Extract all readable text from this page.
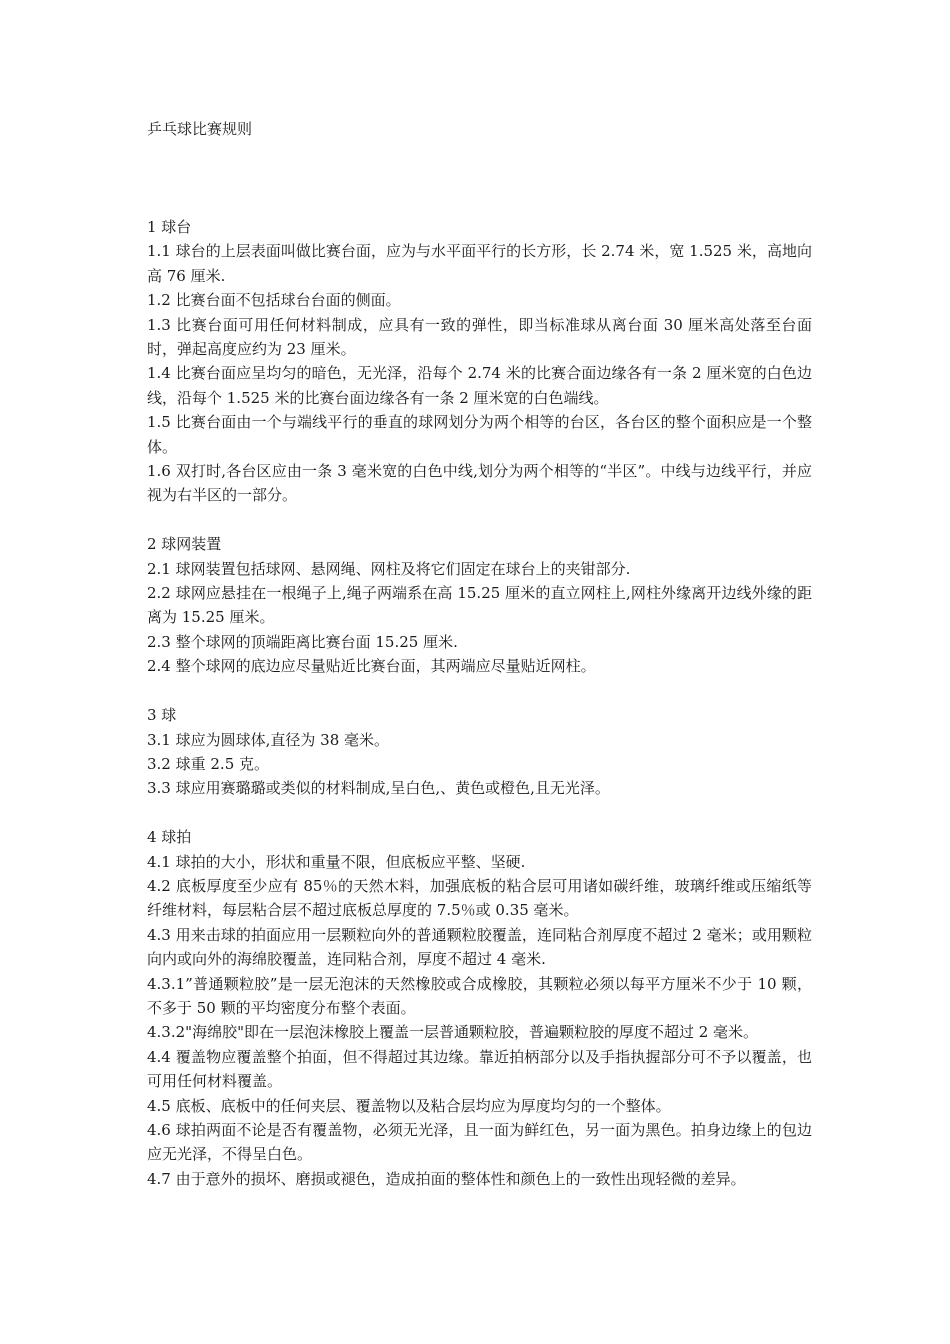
乒乓球比赛规则

1 球台

1.1 球台的上层表面叫做比赛台面，应为与水平面平行的长方形，长 2.74 米，宽 1.525 米，高地向高 76 厘米.

1.2 比赛台面不包括球台台面的侧面。

1.3 比赛台面可用任何材料制成，应具有一致的弹性，即当标准球从离台面 30 厘米高处落至台面时，弹起高度应约为 23 厘米。

1.4 比赛台面应呈均匀的暗色，无光泽，沿每个 2.74 米的比赛合面边缘各有一条 2 厘米宽的白色边线，沿每个 1.525 米的比赛台面边缘各有一条 2 厘米宽的白色端线。

1.5 比赛台面由一个与端线平行的垂直的球网划分为两个相等的台区，各台区的整个面积应是一个整体。

1.6 双打时,各台区应由一条 3 毫米宽的白色中线,划分为两个相等的“半区”。中线与边线平行，并应视为右半区的一部分。

2 球网装置

2.1 球网装置包括球网、悬网绳、网柱及将它们固定在球台上的夹钳部分.

2.2 球网应悬挂在一根绳子上,绳子两端系在高 15.25 厘米的直立网柱上,网柱外缘离开边线外缘的距离为 15.25 厘米。

2.3 整个球网的顶端距离比赛台面 15.25 厘米.

2.4 整个球网的底边应尽量贴近比赛台面，其两端应尽量贴近网柱。

3 球

3.1 球应为圆球体,直径为 38 毫米。

3.2 球重 2.5 克。

3.3 球应用赛璐璐或类似的材料制成,呈白色,、黄色或橙色,且无光泽。

4 球拍

4.1 球拍的大小，形状和重量不限，但底板应平整、坚硬.

4.2 底板厚度至少应有 85％的天然木料，加强底板的粘合层可用诸如碳纤维，玻璃纤维或压缩纸等纤维材料，每层粘合层不超过底板总厚度的 7.5％或 0.35 毫米。

4.3 用来击球的拍面应用一层颗粒向外的普通颗粒胶覆盖，连同粘合剂厚度不超过 2 毫米；或用颗粒向内或向外的海绵胶覆盖，连同粘合剂，厚度不超过 4 毫米.

4.3.1”普通颗粒胶”是一层无泡沫的天然橡胶或合成橡胶，其颗粒必须以每平方厘米不少于 10 颗，不多于 50 颗的平均密度分布整个表面。

4.3.2"海绵胶"即在一层泡沫橡胶上覆盖一层普通颗粒胶，普遍颗粒胶的厚度不超过 2 毫米。

4.4 覆盖物应覆盖整个拍面，但不得超过其边缘。靠近拍柄部分以及手指执握部分可不予以覆盖，也可用任何材料覆盖。

4.5 底板、底板中的任何夹层、覆盖物以及粘合层均应为厚度均匀的一个整体。

4.6 球拍两面不论是否有覆盖物，必须无光泽，且一面为鲜红色，另一面为黑色。拍身边缘上的包边应无光泽，不得呈白色。

4.7 由于意外的损坏、磨损或褪色，造成拍面的整体性和颜色上的一致性出现轻微的差异。
